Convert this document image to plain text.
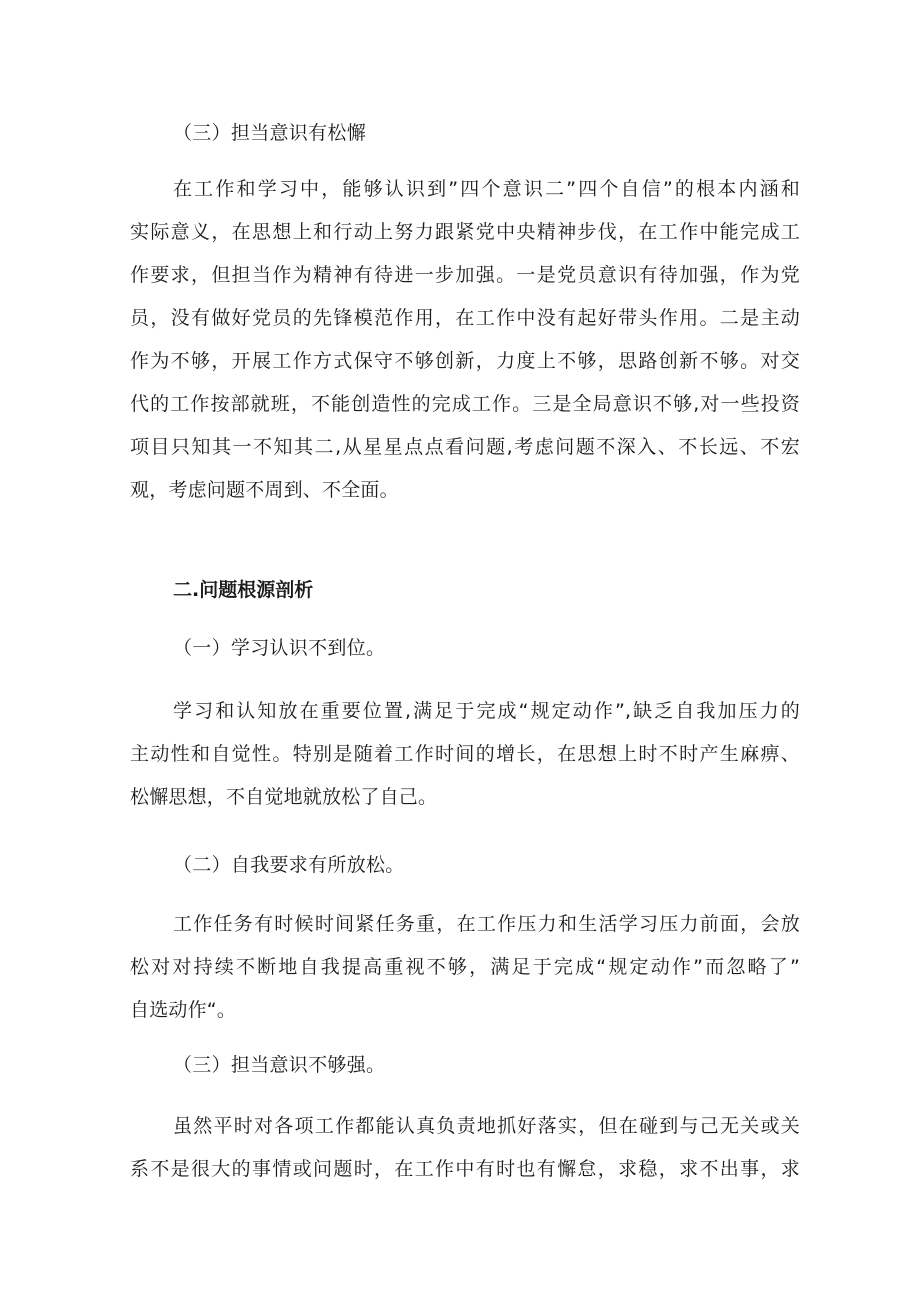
（三）担当意识有松懈
在工作和学习中，能够认识到”四个意识二”四个自信”的根本内涵和
实际意义，在思想上和行动上努力跟紧党中央精神步伐，在工作中能完成工
作要求，但担当作为精神有待进一步加强。一是党员意识有待加强，作为党
员，没有做好党员的先锋模范作用，在工作中没有起好带头作用。二是主动
作为不够，开展工作方式保守不够创新，力度上不够，思路创新不够。对交
代的工作按部就班，不能创造性的完成工作。三是全局意识不够,对一些投资
项目只知其一不知其二,从星星点点看问题,考虑问题不深入、不长远、不宏
观，考虑问题不周到、不全面。
二.问题根源剖析
（一）学习认识不到位。
学习和认知放在重要位置,满足于完成“规定动作”,缺乏自我加压力的
主动性和自觉性。特别是随着工作时间的增长，在思想上时不时产生麻痹、
松懈思想，不自觉地就放松了自己。
（二）自我要求有所放松。
工作任务有时候时间紧任务重，在工作压力和生活学习压力前面，会放
松对对持续不断地自我提高重视不够，满足于完成“规定动作”而忽略了”
自选动作“。
（三）担当意识不够强。
虽然平时对各项工作都能认真负责地抓好落实，但在碰到与己无关或关
系不是很大的事情或问题时，在工作中有时也有懈怠，求稳，求不出事，求
